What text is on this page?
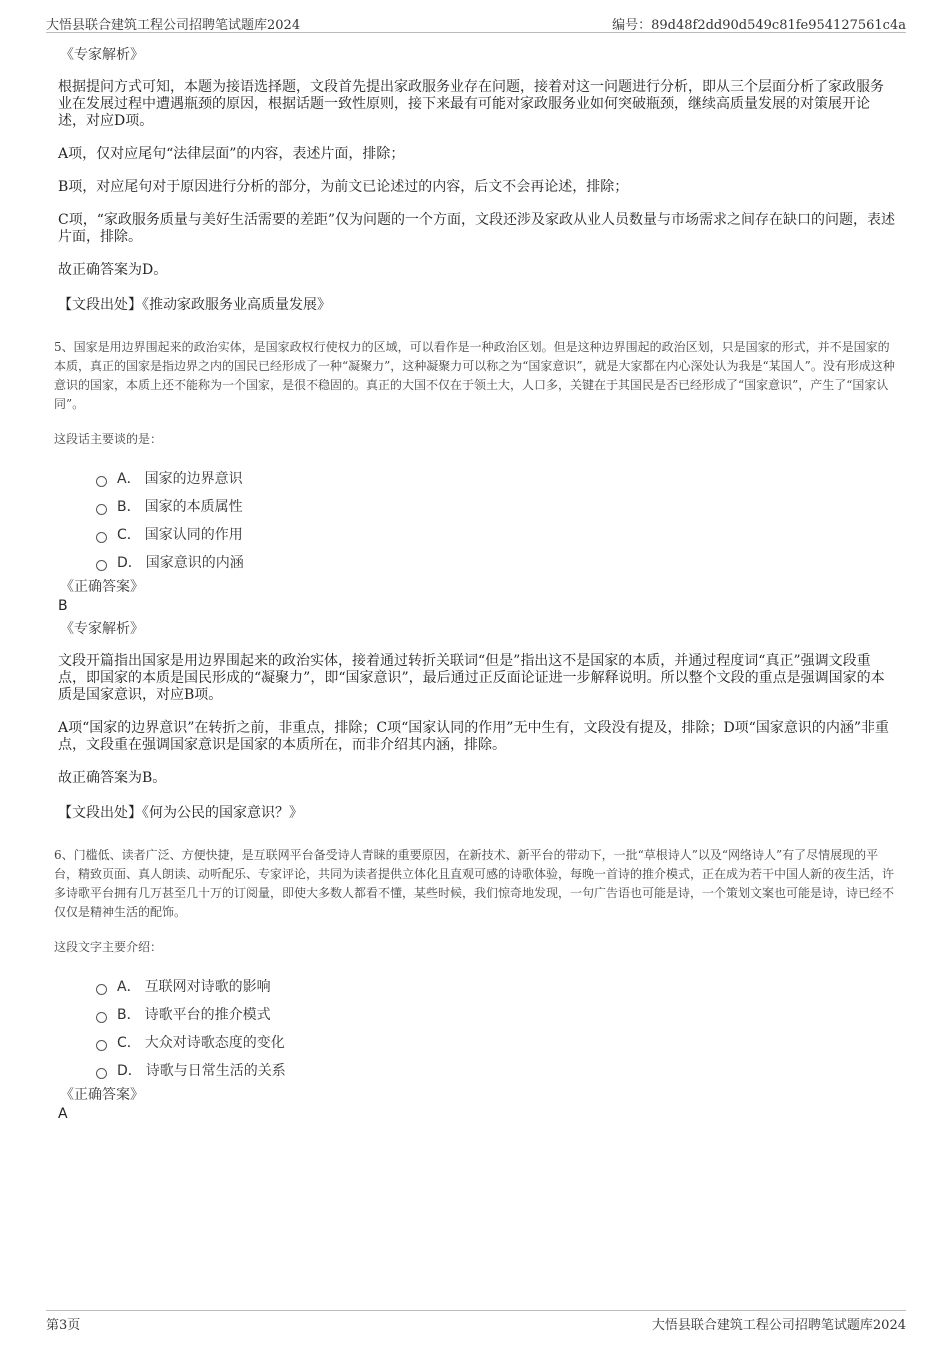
大悟县联合建筑工程公司招聘笔试题库2024	编号：89d48f2dd90d549c81fe954127561c4a
《专家解析》
根据提问方式可知，本题为接语选择题，文段首先提出家政服务业存在问题，接着对这一问题进行分析，即从三个层面分析了家政服务业在发展过程中遭遇瓶颈的原因，根据话题一致性原则，接下来最有可能对家政服务业如何突破瓶颈，继续高质量发展的对策展开论述，对应D项。
A项，仅对应尾句“法律层面”的内容，表述片面，排除；
B项，对应尾句对于原因进行分析的部分，为前文已论述过的内容，后文不会再论述，排除；
C项，“家政服务质量与美好生活需要的差距”仅为问题的一个方面，文段还涉及家政从业人员数量与市场需求之间存在缺口的问题，表述片面，排除。
故正确答案为D。
【文段出处】《推动家政服务业高质量发展》
5、国家是用边界围起来的政治实体，是国家政权行使权力的区域，可以看作是一种政治区划。但是这种边界围起的政治区划，只是国家的形式，并不是国家的本质，真正的国家是指边界之内的国民已经形成了一种“凝聚力”，这种凝聚力可以称之为“国家意识”，就是大家都在内心深处认为我是“某国人”。没有形成这种意识的国家，本质上还不能称为一个国家，是很不稳固的。真正的大国不仅在于领土大，人口多，关键在于其国民是否已经形成了“国家意识”，产生了“国家认同”。
这段话主要谈的是：
A． 国家的边界意识
B． 国家的本质属性
C． 国家认同的作用
D． 国家意识的内涵
《正确答案》
B
《专家解析》
文段开篇指出国家是用边界围起来的政治实体，接着通过转折关联词“但是”指出这不是国家的本质，并通过程度词“真正”强调文段重点，即国家的本质是国民形成的“凝聚力”，即“国家意识”，最后通过正反面论证进一步解释说明。所以整个文段的重点是强调国家的本质是国家意识，对应B项。
A项“国家的边界意识”在转折之前，非重点，排除；C项“国家认同的作用”无中生有，文段没有提及，排除；D项“国家意识的内涵”非重点，文段重在强调国家意识是国家的本质所在，而非介绍其内涵，排除。
故正确答案为B。
【文段出处】《何为公民的国家意识？》
6、门槛低、读者广泛、方便快捷，是互联网平台备受诗人青睐的重要原因，在新技术、新平台的带动下，一批“草根诗人”以及“网络诗人”有了尽情展现的平台，精致页面、真人朗读、动听配乐、专家评论，共同为读者提供立体化且直观可感的诗歌体验，每晚一首诗的推介模式，正在成为若干中国人新的夜生活，许多诗歌平台拥有几万甚至几十万的订阅量，即使大多数人都看不懂，某些时候，我们惊奇地发现，一句广告语也可能是诗，一个策划文案也可能是诗，诗已经不仅仅是精神生活的配饰。
这段文字主要介绍：
A． 互联网对诗歌的影响
B． 诗歌平台的推介模式
C． 大众对诗歌态度的变化
D． 诗歌与日常生活的关系
《正确答案》
A
第3页	大悟县联合建筑工程公司招聘笔试题库2024
